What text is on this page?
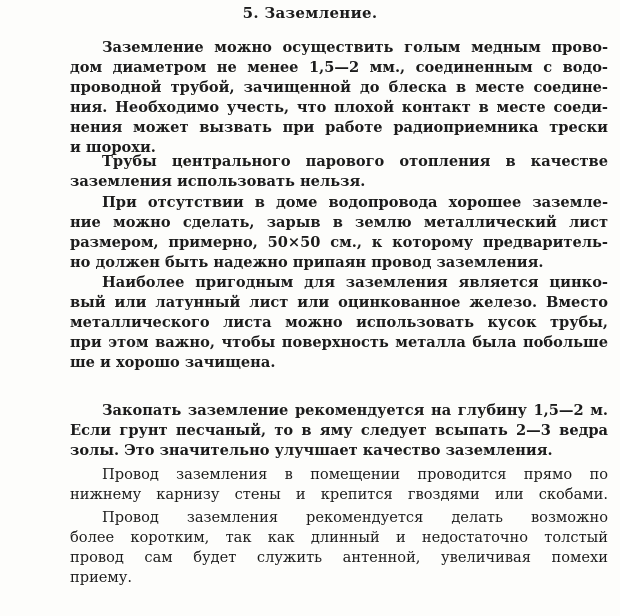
5. Заземление.
Заземление можно осуществить голым медным прово-
дом диаметром не менее 1,5—2 мм., соединенным с водо-
проводной трубой, зачищенной до блеска в месте соедине-
ния. Необходимо учесть, что плохой контакт в месте соеди-
нения может вызвать при работе радиоприемника трески
и шорохи.
Трубы центрального парового отопления в качестве
заземления использовать нельзя.
При отсутствии в доме водопровода хорошее заземле-
ние можно сделать, зарыв в землю металлический лист
размером, примерно, 50×50 см., к которому предваритель-
но должен быть надежно припаян провод заземления.
Наиболее пригодным для заземления является цинко-
вый или латунный лист или оцинкованное железо. Вместо
металлического листа можно использовать кусок трубы,
при этом важно, чтобы поверхность металла была побольше
ше и хорошо зачищена.
Закопать заземление рекомендуется на глубину 1,5—2 м.
Если грунт песчаный, то в яму следует всыпать 2—3 ведра
золы. Это значительно улучшает качество заземления.
Провод заземления в помещении проводится прямо по
нижнему карнизу стены и крепится гвоздями или скобами.
Провод заземления рекомендуется делать возможно
более коротким, так как длинный и недостаточно толстый
провод сам будет служить антенной, увеличивая помехи
приему.
